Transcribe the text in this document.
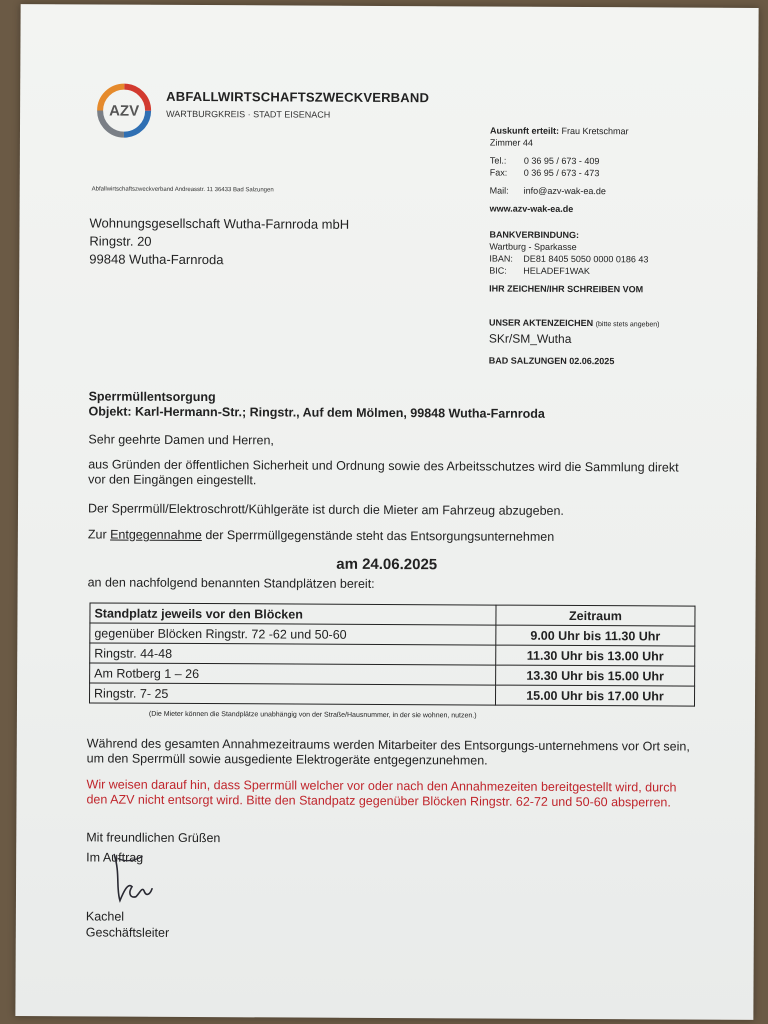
AZV
ABFALLWIRTSCHAFTSZWECKVERBAND
WARTBURGKREIS · STADT EISENACH
Abfallwirtschaftszweckverband Andreasstr. 11 36433 Bad Salzungen
Wohnungsgesellschaft Wutha-Farnroda mbH
Ringstr. 20
99848 Wutha-Farnroda
Auskunft erteilt: Frau Kretschmar
Zimmer 44
Tel.: 0 36 95 / 673 - 409
Fax: 0 36 95 / 673 - 473
Mail: info@azv-wak-ea.de
www.azv-wak-ea.de
BANKVERBINDUNG:
Wartburg - Sparkasse
IBAN: DE81 8405 5050 0000 0186 43
BIC: HELADEF1WAK
IHR ZEICHEN/IHR SCHREIBEN VOM
UNSER AKTENZEICHEN (bitte stets angeben)
SKr/SM_Wutha
BAD SALZUNGEN 02.06.2025
Sperrmüllentsorgung
Objekt: Karl-Hermann-Str.; Ringstr., Auf dem Mölmen, 99848 Wutha-Farnroda
Sehr geehrte Damen und Herren,
aus Gründen der öffentlichen Sicherheit und Ordnung sowie des Arbeitsschutzes wird die Sammlung direkt vor den Eingängen eingestellt.
Der Sperrmüll/Elektroschrott/Kühlgeräte ist durch die Mieter am Fahrzeug abzugeben.
Zur Entgegennahme der Sperrmüllgegenstände steht das Entsorgungsunternehmen
am 24.06.2025
an den nachfolgend benannten Standplätzen bereit:
Standplatz jeweils vor den Blöcken	Zeitraum
gegenüber Blöcken Ringstr. 72 -62 und 50-60	9.00 Uhr bis 11.30 Uhr
Ringstr. 44-48	11.30 Uhr bis 13.00 Uhr
Am Rotberg 1 – 26	13.30 Uhr bis 15.00 Uhr
Ringstr. 7- 25	15.00 Uhr bis 17.00 Uhr
(Die Mieter können die Standplätze unabhängig von der Straße/Hausnummer, in der sie wohnen, nutzen.)
Während des gesamten Annahmezeitraums werden Mitarbeiter des Entsorgungs-unternehmens vor Ort sein, um den Sperrmüll sowie ausgediente Elektrogeräte entgegenzunehmen.
Wir weisen darauf hin, dass Sperrmüll welcher vor oder nach den Annahmezeiten bereitgestellt wird, durch den AZV nicht entsorgt wird. Bitte den Standpatz gegenüber Blöcken Ringstr. 62-72 und 50-60 absperren.
Mit freundlichen Grüßen
Im Auftrag
Kachel
Geschäftsleiter
